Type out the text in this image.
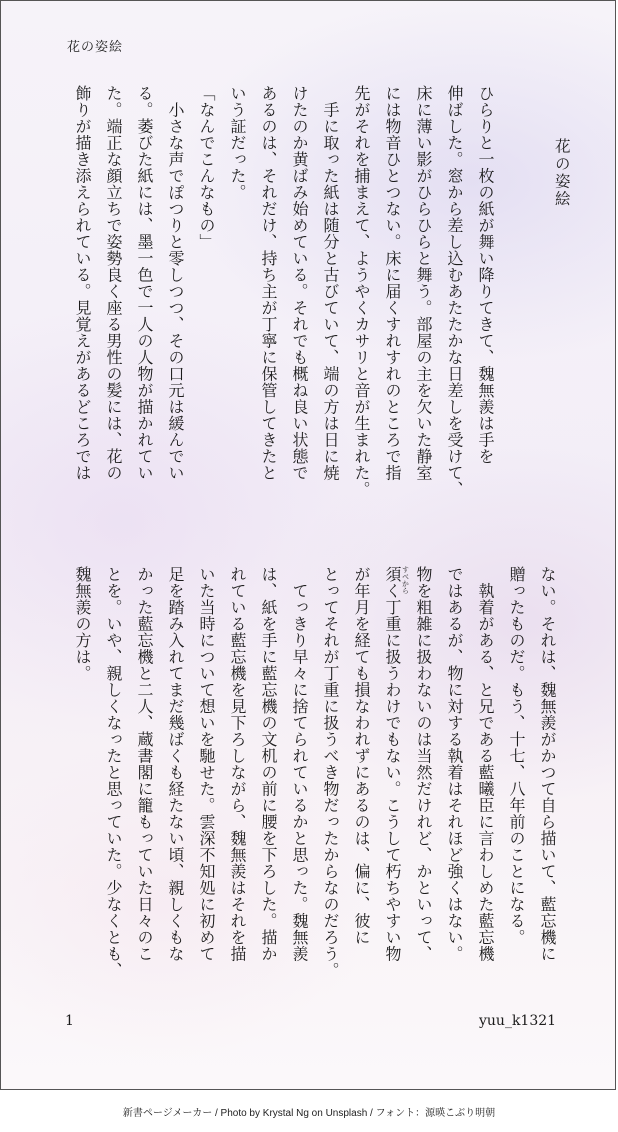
花の姿絵
花の姿絵
ひらりと一枚の紙が舞い降りてきて、魏無羨は手を
伸ばした。窓から差し込むあたたかな日差しを受けて、
床に薄い影がひらひらと舞う。部屋の主を欠いた静室
には物音ひとつない。床に届くすれすれのところで指
先がそれを捕まえて、ようやくカサリと音が生まれた。
　手に取った紙は随分と古びていて、端の方は日に焼
けたのか黄ばみ始めている。それでも概ね良い状態で
あるのは、それだけ、持ち主が丁寧に保管してきたと
いう証だった。
「なんでこんなもの」
　小さな声でぽつりと零しつつ、その口元は緩んでい
る。萎びた紙には、墨一色で一人の人物が描かれてい
た。端正な顔立ちで姿勢良く座る男性の髪には、花の
飾りが描き添えられている。見覚えがあるどころでは
ない。それは、魏無羨がかつて自ら描いて、藍忘機に
贈ったものだ。もう、十七、八年前のことになる。
　執着がある、と兄である藍曦臣に言わしめた藍忘機
ではあるが、物に対する執着はそれほど強くはない。
物を粗雑に扱わないのは当然だけれど、かといって、
須く丁重に扱うわけでもない。こうして朽ちやすい物 すべから
が年月を経ても損なわれずにあるのは、偏に、彼に
とってそれが丁重に扱うべき物だったからなのだろう。
　てっきり早々に捨てられているかと思った。魏無羨
は、紙を手に藍忘機の文机の前に腰を下ろした。描か
れている藍忘機を見下ろしながら、魏無羨はそれを描
いた当時について想いを馳せた。雲深不知処に初めて
足を踏み入れてまだ幾ばくも経たない頃、親しくもな
かった藍忘機と二人、蔵書閣に籠もっていた日々のこ
とを。いや、親しくなったと思っていた。少なくとも、
魏無羨の方は。
1	yuu_k1321
新書ページメーカー / Photo by Krystal Ng on Unsplash / フォント：源暎こぶり明朝
